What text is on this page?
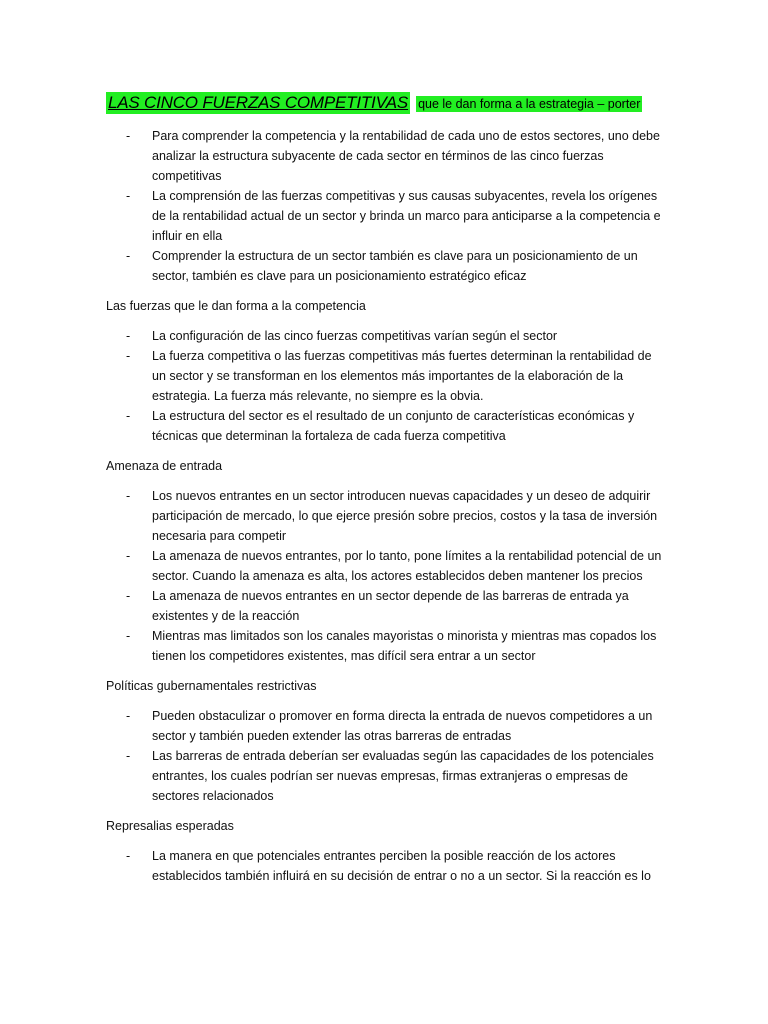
LAS CINCO FUERZAS COMPETITIVAS que le dan forma a la estrategia – porter
- Para comprender la competencia y la rentabilidad de cada uno de estos sectores, uno debe analizar la estructura subyacente de cada sector en términos de las cinco fuerzas competitivas
- La comprensión de las fuerzas competitivas y sus causas subyacentes, revela los orígenes de la rentabilidad actual de un sector y brinda un marco para anticiparse a la competencia e influir en ella
- Comprender la estructura de un sector también es clave para un posicionamiento de un sector, también es clave para un posicionamiento estratégico eficaz

Las fuerzas que le dan forma a la competencia

- La configuración de las cinco fuerzas competitivas varían según el sector
- La fuerza competitiva o las fuerzas competitivas más fuertes determinan la rentabilidad de un sector y se transforman en los elementos más importantes de la elaboración de la estrategia. La fuerza más relevante, no siempre es la obvia.
- La estructura del sector es el resultado de un conjunto de características económicas y técnicas que determinan la fortaleza de cada fuerza competitiva

Amenaza de entrada

- Los nuevos entrantes en un sector introducen nuevas capacidades y un deseo de adquirir participación de mercado, lo que ejerce presión sobre precios, costos y la tasa de inversión necesaria para competir
- La amenaza de nuevos entrantes, por lo tanto, pone límites a la rentabilidad potencial de un sector. Cuando la amenaza es alta, los actores establecidos deben mantener los precios
- La amenaza de nuevos entrantes en un sector depende de las barreras de entrada ya existentes y de la reacción
- Mientras mas limitados son los canales mayoristas o minorista y mientras mas copados los tienen los competidores existentes, mas difícil sera entrar a un sector

Políticas gubernamentales restrictivas

- Pueden obstaculizar o promover en forma directa la entrada de nuevos competidores a un sector y también pueden extender las otras barreras de entradas
- Las barreras de entrada deberían ser evaluadas según las capacidades de los potenciales entrantes, los cuales podrían ser nuevas empresas, firmas extranjeras o empresas de sectores relacionados

Represalias esperadas

- La manera en que potenciales entrantes perciben la posible reacción de los actores establecidos también influirá en su decisión de entrar o no a un sector. Si la reacción es lo
